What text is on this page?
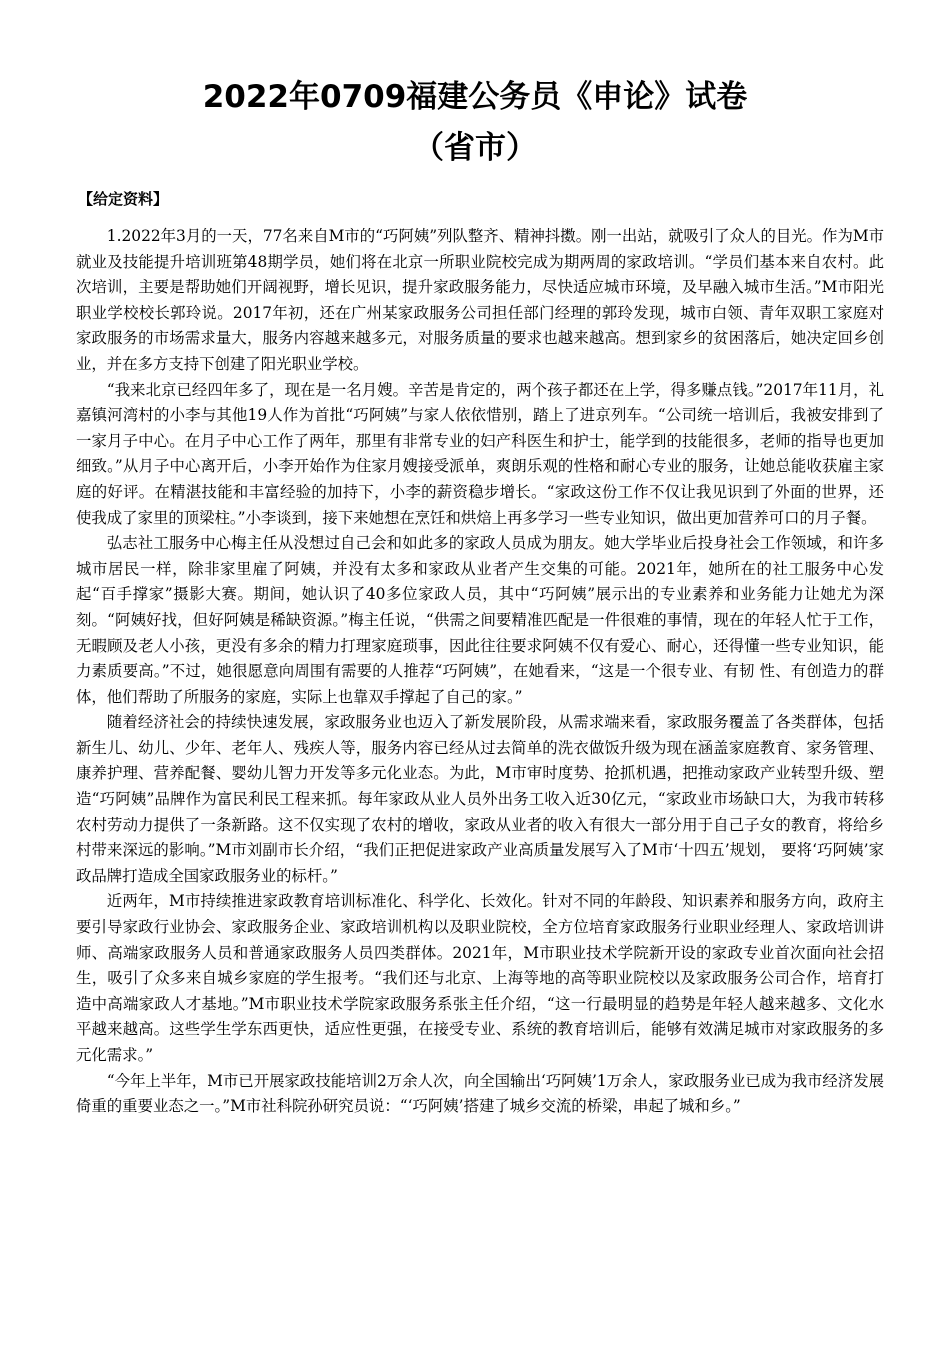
2022年0709福建公务员《申论》试卷
（省市）
【给定资料】

1.2022年3月的一天，77名来自M市的“巧阿姨”列队整齐、精神抖擞。刚一出站，就吸引了众人的目光。作为M市就业及技能提升培训班第48期学员，她们将在北京一所职业院校完成为期两周的家政培训。“学员们基本来自农村。此次培训，主要是帮助她们开阔视野，增长见识，提升家政服务能力，尽快适应城市环境，及早融入城市生活。”M市阳光职业学校校长郭玲说。2017年初，还在广州某家政服务公司担任部门经理的郭玲发现，城市白领、青年双职工家庭对家政服务的市场需求量大，服务内容越来越多元，对服务质量的要求也越来越高。想到家乡的贫困落后，她决定回乡创业，并在多方支持下创建了阳光职业学校。

“我来北京已经四年多了，现在是一名月嫂。辛苦是肯定的，两个孩子都还在上学，得多赚点钱。”2017年11月，礼嘉镇河湾村的小李与其他19人作为首批“巧阿姨”与家人依依惜别，踏上了进京列车。“公司统一培训后，我被安排到了一家月子中心。在月子中心工作了两年，那里有非常专业的妇产科医生和护士，能学到的技能很多，老师的指导也更加细致。”从月子中心离开后，小李开始作为住家月嫂接受派单，爽朗乐观的性格和耐心专业的服务，让她总能收获雇主家庭的好评。在精湛技能和丰富经验的加持下，小李的薪资稳步增长。“家政这份工作不仅让我见识到了外面的世界，还使我成了家里的顶梁柱。”小李谈到，接下来她想在烹饪和烘焙上再多学习一些专业知识，做出更加营养可口的月子餐。

弘志社工服务中心梅主任从没想过自己会和如此多的家政人员成为朋友。她大学毕业后投身社会工作领域，和许多城市居民一样，除非家里雇了阿姨，并没有太多和家政从业者产生交集的可能。2021年，她所在的社工服务中心发起“百手撑家”摄影大赛。期间，她认识了40多位家政人员，其中“巧阿姨”展示出的专业素养和业务能力让她尤为深刻。“阿姨好找，但好阿姨是稀缺资源。”梅主任说，“供需之间要精准匹配是一件很难的事情，现在的年轻人忙于工作，无暇顾及老人小孩，更没有多余的精力打理家庭琐事，因此往往要求阿姨不仅有爱心、耐心，还得懂一些专业知识，能力素质要高。”不过，她很愿意向周围有需要的人推荐“巧阿姨”，在她看来，“这是一个很专业、有韧 性、有创造力的群体，他们帮助了所服务的家庭，实际上也靠双手撑起了自己的家。”

随着经济社会的持续快速发展，家政服务业也迈入了新发展阶段，从需求端来看，家政服务覆盖了各类群体，包括新生儿、幼儿、少年、老年人、残疾人等，服务内容已经从过去简单的洗衣做饭升级为现在涵盖家庭教育、家务管理、康养护理、营养配餐、婴幼儿智力开发等多元化业态。为此，M市审时度势、抢抓机遇，把推动家政产业转型升级、塑造“巧阿姨”品牌作为富民利民工程来抓。每年家政从业人员外出务工收入近30亿元，“家政业市场缺口大，为我市转移农村劳动力提供了一条新路。这不仅实现了农村的增收，家政从业者的收入有很大一部分用于自己子女的教育，将给乡村带来深远的影响。”M市刘副市长介绍，“我们正把促进家政产业高质量发展写入了M市‘十四五’规划， 要将‘巧阿姨’家政品牌打造成全国家政服务业的标杆。”

近两年，M市持续推进家政教育培训标准化、科学化、长效化。针对不同的年龄段、知识素养和服务方向，政府主要引导家政行业协会、家政服务企业、家政培训机构以及职业院校，全方位培育家政服务行业职业经理人、家政培训讲师、高端家政服务人员和普通家政服务人员四类群体。2021年，M市职业技术学院新开设的家政专业首次面向社会招生，吸引了众多来自城乡家庭的学生报考。“我们还与北京、上海等地的高等职业院校以及家政服务公司合作，培育打造中高端家政人才基地。”M市职业技术学院家政服务系张主任介绍，“这一行最明显的趋势是年轻人越来越多、文化水平越来越高。这些学生学东西更快，适应性更强，在接受专业、系统的教育培训后，能够有效满足城市对家政服务的多元化需求。”

“今年上半年，M市已开展家政技能培训2万余人次，向全国输出‘巧阿姨’1万余人，家政服务业已成为我市经济发展倚重的重要业态之一。”M市社科院孙研究员说：“‘巧阿姨’搭建了城乡交流的桥梁，串起了城和乡。”
